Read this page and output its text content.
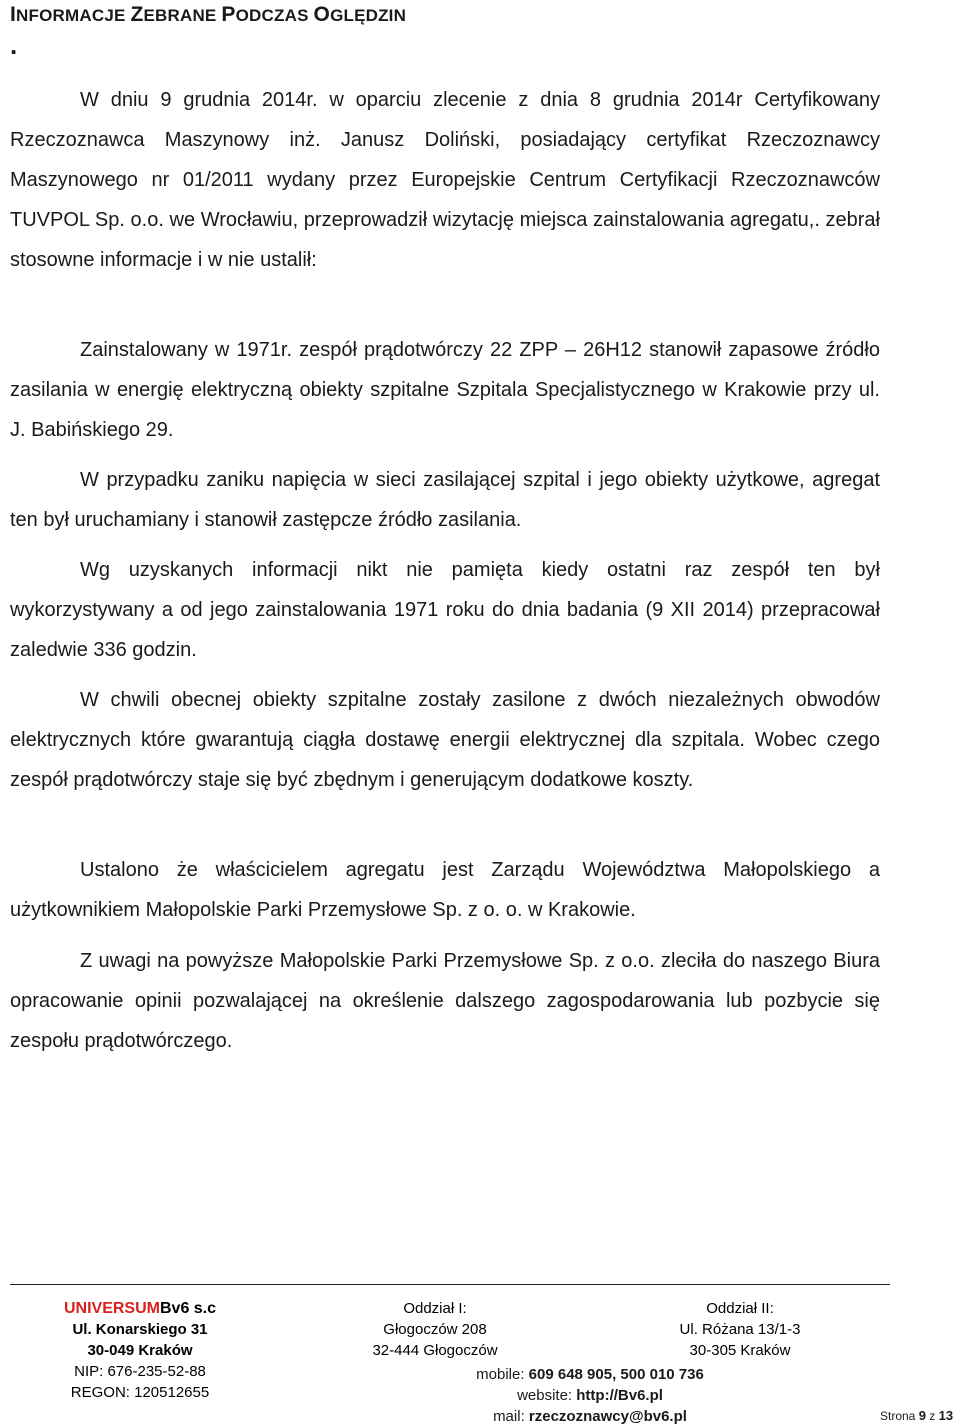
INFORMACJE ZEBRANE PODCZAS OGLĘDZIN
.

W dniu 9 grudnia 2014r. w oparciu zlecenie z dnia 8 grudnia 2014r Certyfikowany Rzeczoznawca Maszynowy inż. Janusz Doliński, posiadający certyfikat Rzeczoznawcy Maszynowego nr 01/2011 wydany przez Europejskie Centrum Certyfikacji Rzeczoznawców TUVPOL Sp. o.o. we Wrocławiu, przeprowadził wizytację miejsca zainstalowania agregatu,. zebrał stosowne informacje i w nie ustalił:

Zainstalowany w 1971r. zespół prądotwórczy 22 ZPP – 26H12 stanowił zapasowe źródło zasilania w energię elektryczną obiekty szpitalne Szpitala Specjalistycznego w Krakowie przy ul. J. Babińskiego 29.

W przypadku zaniku napięcia w sieci zasilającej szpital i jego obiekty użytkowe, agregat ten był uruchamiany i stanowił zastępcze źródło zasilania.

Wg uzyskanych informacji nikt nie pamięta kiedy ostatni raz zespół ten był wykorzystywany a od jego zainstalowania 1971 roku do dnia badania (9 XII 2014) przepracował zaledwie 336 godzin.

W chwili obecnej obiekty szpitalne zostały zasilone z dwóch niezależnych obwodów elektrycznych które gwarantują ciągła dostawę energii elektrycznej dla szpitala. Wobec czego zespół prądotwórczy staje się być zbędnym i generującym dodatkowe koszty.

Ustalono że właścicielem agregatu jest Zarządu Województwa Małopolskiego a użytkownikiem Małopolskie Parki Przemysłowe Sp. z o. o. w Krakowie.

Z uwagi na powyższe Małopolskie Parki Przemysłowe Sp. z o.o. zleciła do naszego Biura opracowanie opinii pozwalającej na określenie dalszego zagospodarowania lub pozbycie się zespołu prądotwórczego.

UNIVERSUMBv6 s.c
Ul. Konarskiego 31
30-049 Kraków
NIP: 676-235-52-88
REGON: 120512655
Oddział I:
Głogoczów 208
32-444 Głogoczów
Oddział II:
Ul. Różana 13/1-3
30-305 Kraków
mobile: 609 648 905, 500 010 736
website: http://Bv6.pl
mail: rzeczoznawcy@bv6.pl	Strona 9 z 13
